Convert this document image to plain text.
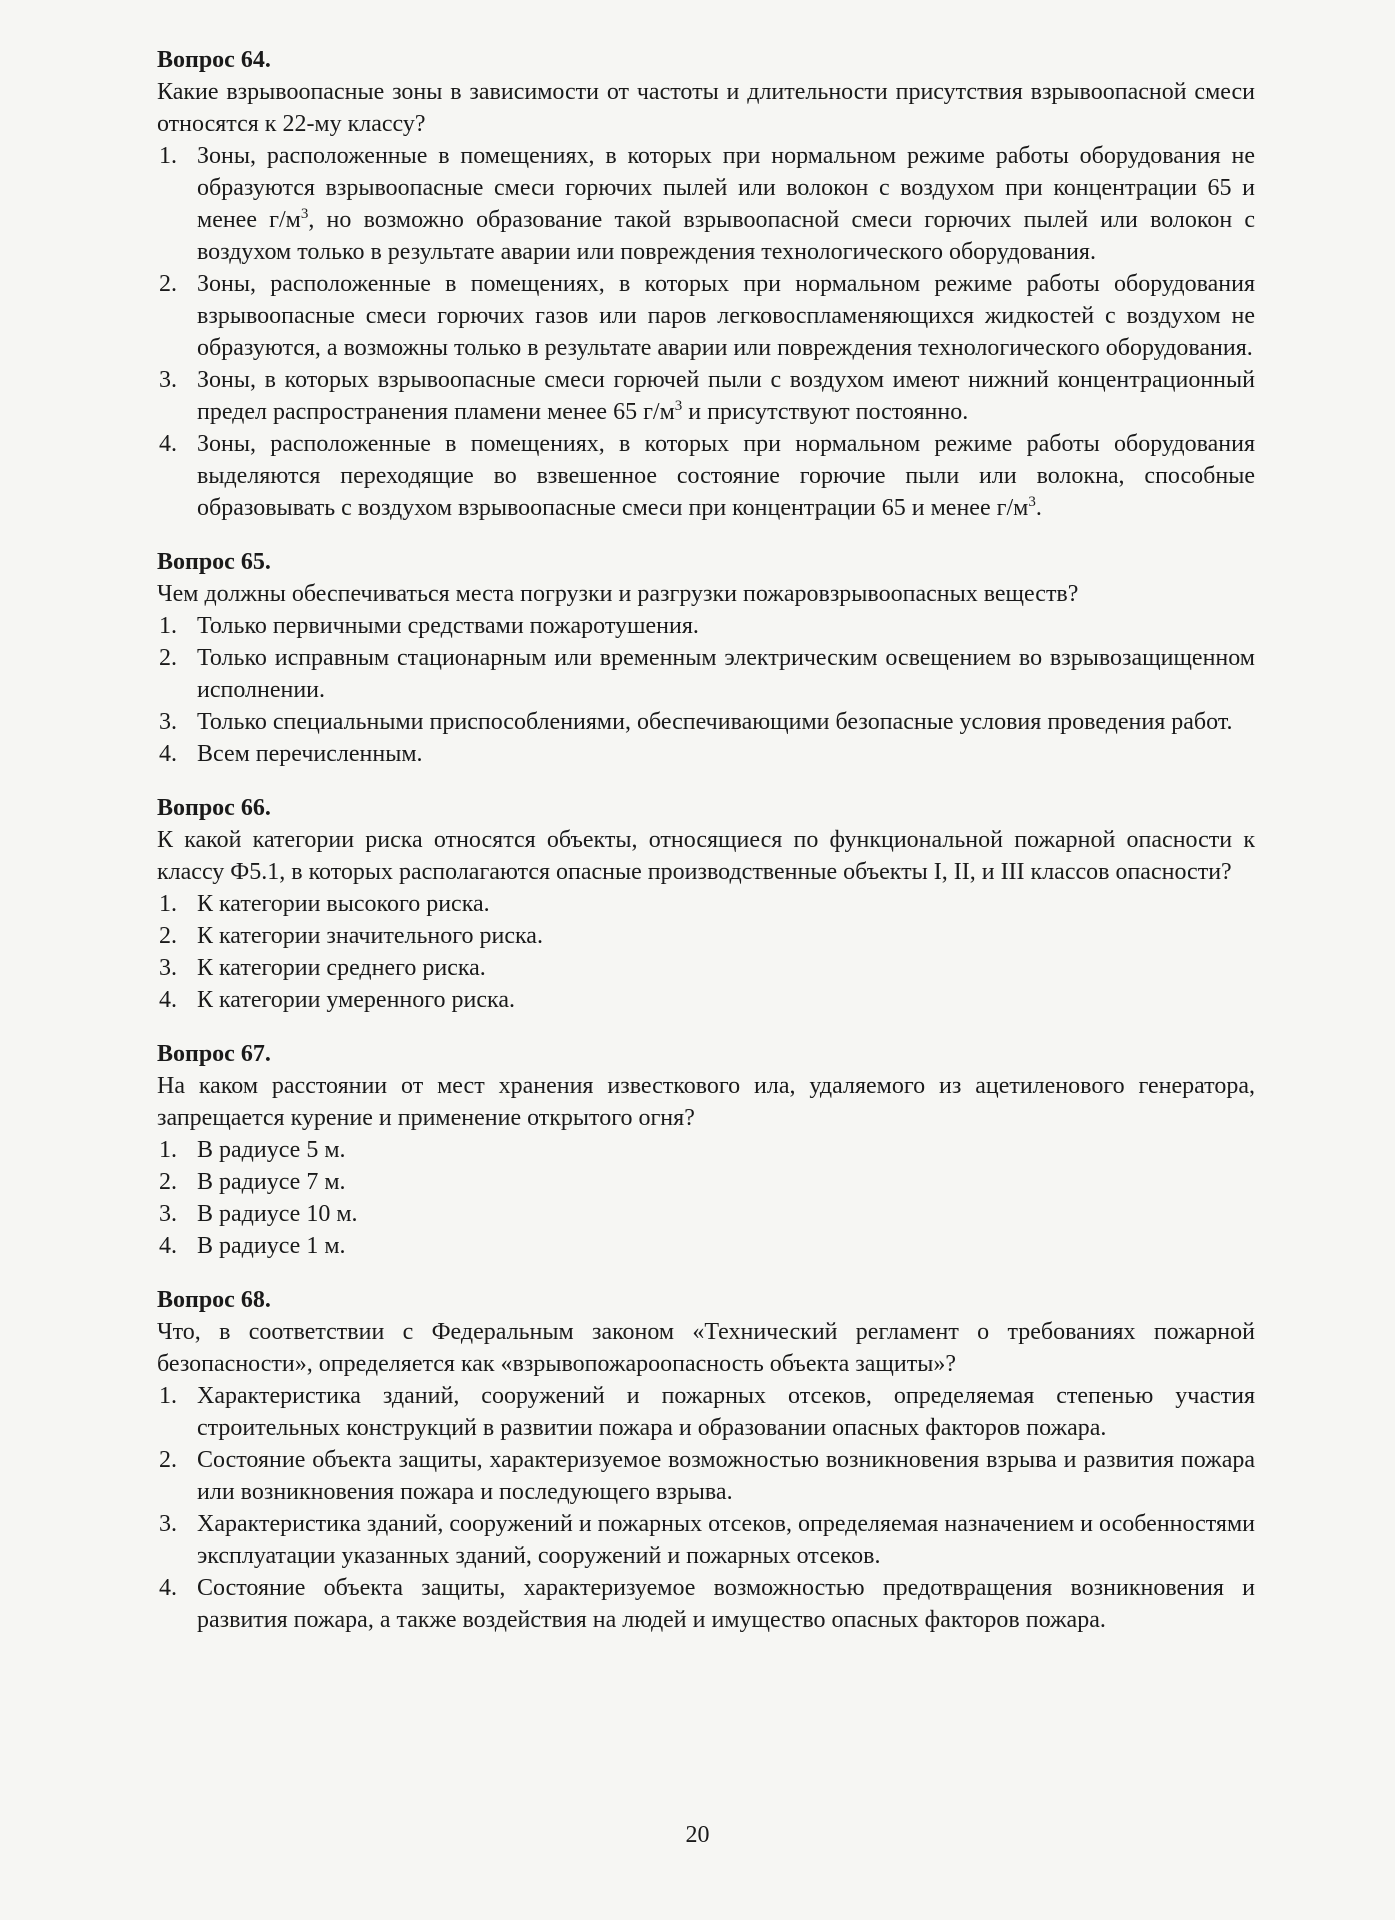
Вопрос 64.

Какие взрывоопасные зоны в зависимости от частоты и длительности присутствия взрывоопасной смеси относятся к 22-му классу?

1. Зоны, расположенные в помещениях, в которых при нормальном режиме работы оборудования не образуются взрывоопасные смеси горючих пылей или волокон с воздухом при концентрации 65 и менее $г/м^3$, но возможно образование такой взрывоопасной смеси горючих пылей или волокон с воздухом только в результате аварии или повреждения технологического оборудования.
2. Зоны, расположенные в помещениях, в которых при нормальном режиме работы оборудования взрывоопасные смеси горючих газов или паров легковоспламеняющихся жидкостей с воздухом не образуются, а возможны только в результате аварии или повреждения технологического оборудования.
3. Зоны, в которых взрывоопасные смеси горючей пыли с воздухом имеют нижний концентрационный предел распространения пламени менее 65 $г/м^3$ и присутствуют постоянно.
4. Зоны, расположенные в помещениях, в которых при нормальном режиме работы оборудования выделяются переходящие во взвешенное состояние горючие пыли или волокна, способные образовывать с воздухом взрывоопасные смеси при концентрации 65 и менее $г/м^3$.

Вопрос 65.

Чем должны обеспечиваться места погрузки и разгрузки пожаровзрывоопасных веществ?

1. Только первичными средствами пожаротушения.
2. Только исправным стационарным или временным электрическим освещением во взрывозащищенном исполнении.
3. Только специальными приспособлениями, обеспечивающими безопасные условия проведения работ.
4. Всем перечисленным.

Вопрос 66.

К какой категории риска относятся объекты, относящиеся по функциональной пожарной опасности к классу Ф5.1, в которых располагаются опасные производственные объекты I, II, и III классов опасности?

1. К категории высокого риска.
2. К категории значительного риска.
3. К категории среднего риска.
4. К категории умеренного риска.

Вопрос 67.

На каком расстоянии от мест хранения известкового ила, удаляемого из ацетиленового генератора, запрещается курение и применение открытого огня?

1. В радиусе 5 м.
2. В радиусе 7 м.
3. В радиусе 10 м.
4. В радиусе 1 м.

Вопрос 68.

Что, в соответствии с Федеральным законом «Технический регламент о требованиях пожарной безопасности», определяется как «взрывопожароопасность объекта защиты»?

1. Характеристика зданий, сооружений и пожарных отсеков, определяемая степенью участия строительных конструкций в развитии пожара и образовании опасных факторов пожара.
2. Состояние объекта защиты, характеризуемое возможностью возникновения взрыва и развития пожара или возникновения пожара и последующего взрыва.
3. Характеристика зданий, сооружений и пожарных отсеков, определяемая назначением и особенностями эксплуатации указанных зданий, сооружений и пожарных отсеков.
4. Состояние объекта защиты, характеризуемое возможностью предотвращения возникновения и развития пожара, а также воздействия на людей и имущество опасных факторов пожара.
20
